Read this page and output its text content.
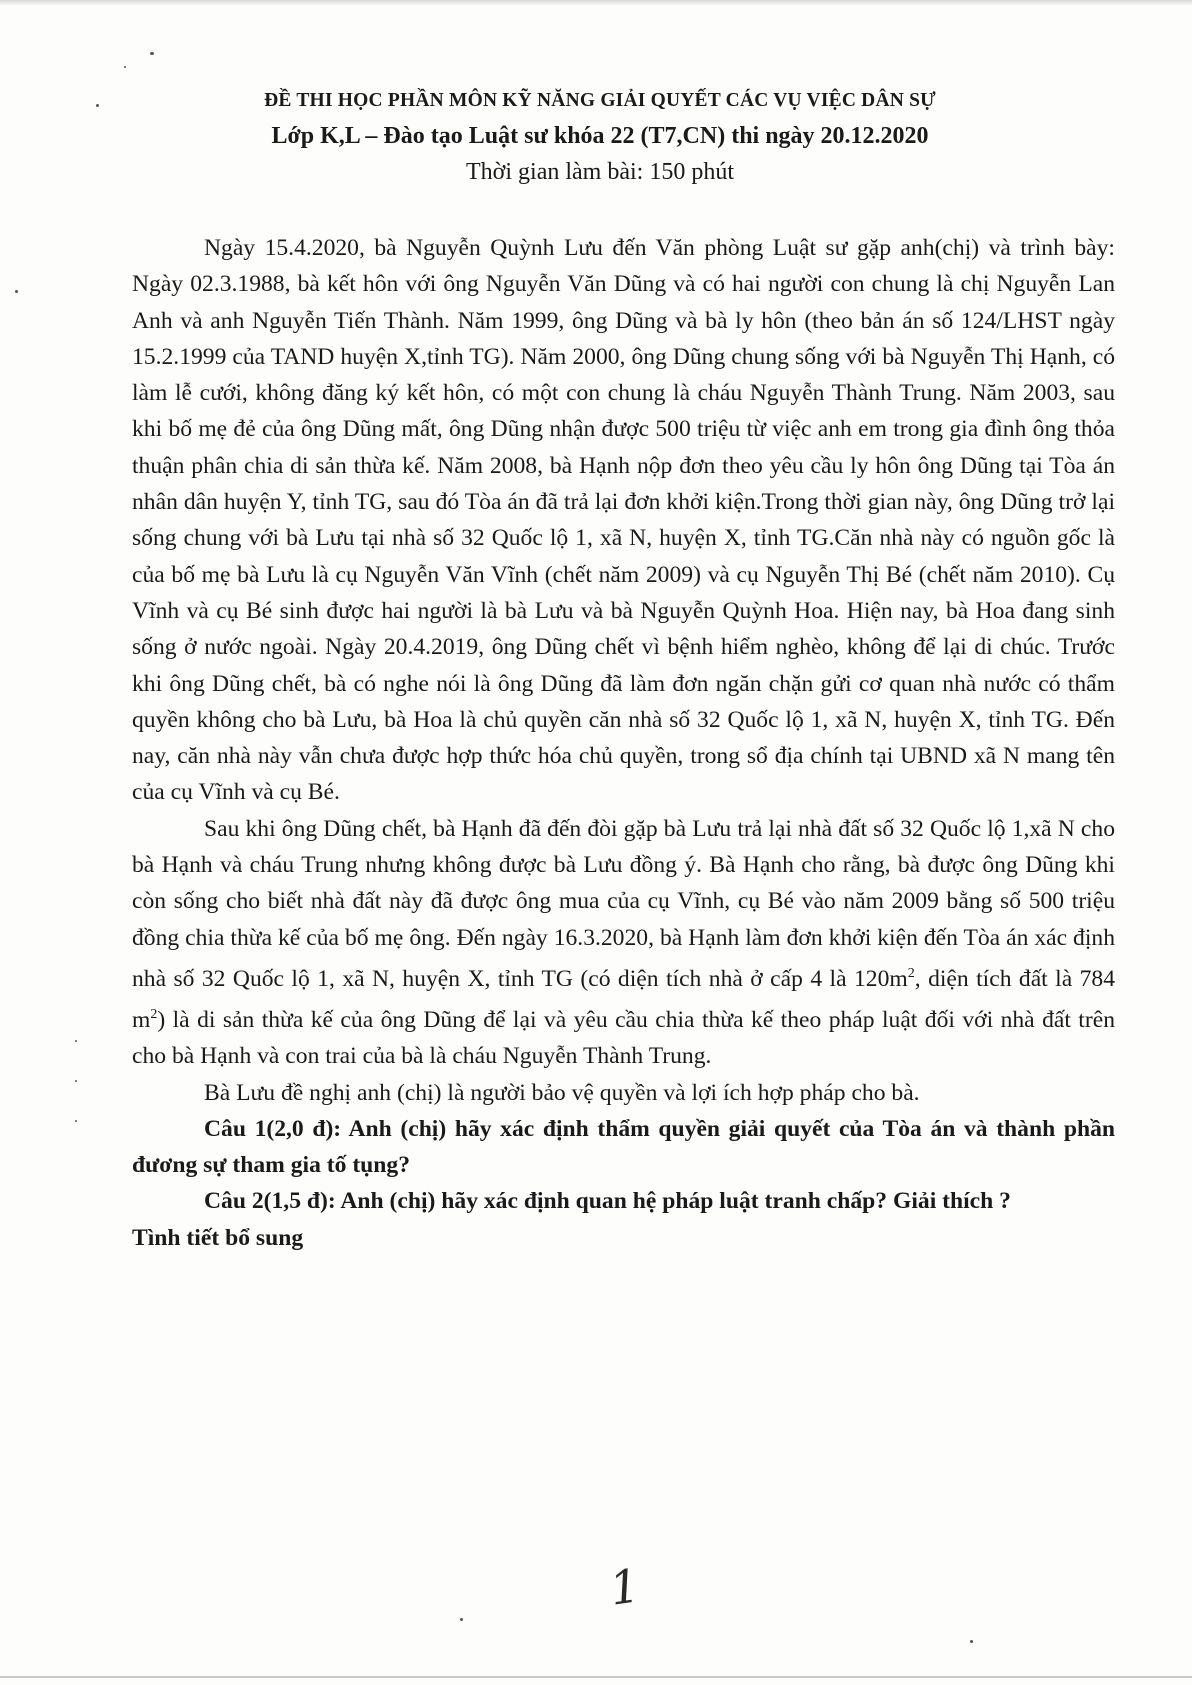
ĐỀ THI HỌC PHẦN MÔN KỸ NĂNG GIẢI QUYẾT CÁC VỤ VIỆC DÂN SỰ
Lớp K,L – Đào tạo Luật sư khóa 22 (T7,CN) thi ngày 20.12.2020
Thời gian làm bài: 150 phút

Ngày 15.4.2020, bà Nguyễn Quỳnh Lưu đến Văn phòng Luật sư gặp anh(chị) và trình bày: Ngày 02.3.1988, bà kết hôn với ông Nguyễn Văn Dũng và có hai người con chung là chị Nguyễn Lan Anh và anh Nguyễn Tiến Thành. Năm 1999, ông Dũng và bà ly hôn (theo bản án số 124/LHST ngày 15.2.1999 của TAND huyện X,tỉnh TG). Năm 2000, ông Dũng chung sống với bà Nguyễn Thị Hạnh, có làm lễ cưới, không đăng ký kết hôn, có một con chung là cháu Nguyễn Thành Trung. Năm 2003, sau khi bố mẹ đẻ của ông Dũng mất, ông Dũng nhận được 500 triệu từ việc anh em trong gia đình ông thỏa thuận phân chia di sản thừa kế. Năm 2008, bà Hạnh nộp đơn theo yêu cầu ly hôn ông Dũng tại Tòa án nhân dân huyện Y, tỉnh TG, sau đó Tòa án đã trả lại đơn khởi kiện.Trong thời gian này, ông Dũng trở lại sống chung với bà Lưu tại nhà số 32 Quốc lộ 1, xã N, huyện X, tỉnh TG.Căn nhà này có nguồn gốc là của bố mẹ bà Lưu là cụ Nguyễn Văn Vĩnh (chết năm 2009) và cụ Nguyễn Thị Bé (chết năm 2010). Cụ Vĩnh và cụ Bé sinh được hai người là bà Lưu và bà Nguyễn Quỳnh Hoa. Hiện nay, bà Hoa đang sinh sống ở nước ngoài. Ngày 20.4.2019, ông Dũng chết vì bệnh hiểm nghèo, không để lại di chúc. Trước khi ông Dũng chết, bà có nghe nói là ông Dũng đã làm đơn ngăn chặn gửi cơ quan nhà nước có thẩm quyền không cho bà Lưu, bà Hoa là chủ quyền căn nhà số 32 Quốc lộ 1, xã N, huyện X, tỉnh TG. Đến nay, căn nhà này vẫn chưa được hợp thức hóa chủ quyền, trong sổ địa chính tại UBND xã N mang tên của cụ Vĩnh và cụ Bé.

Sau khi ông Dũng chết, bà Hạnh đã đến đòi gặp bà Lưu trả lại nhà đất số 32 Quốc lộ 1,xã N cho bà Hạnh và cháu Trung nhưng không được bà Lưu đồng ý. Bà Hạnh cho rằng, bà được ông Dũng khi còn sống cho biết nhà đất này đã được ông mua của cụ Vĩnh, cụ Bé vào năm 2009 bằng số 500 triệu đồng chia thừa kế của bố mẹ ông. Đến ngày 16.3.2020, bà Hạnh làm đơn khởi kiện đến Tòa án xác định nhà số 32 Quốc lộ 1, xã N, huyện X, tỉnh TG (có diện tích nhà ở cấp 4 là $120m^2$, diện tích đất là 784 $m^2$) là di sản thừa kế của ông Dũng để lại và yêu cầu chia thừa kế theo pháp luật đối với nhà đất trên cho bà Hạnh và con trai của bà là cháu Nguyễn Thành Trung.

Bà Lưu đề nghị anh (chị) là người bảo vệ quyền và lợi ích hợp pháp cho bà.

Câu 1(2,0 đ): Anh (chị) hãy xác định thẩm quyền giải quyết của Tòa án và thành phần đương sự tham gia tố tụng?

Câu 2(1,5 đ): Anh (chị) hãy xác định quan hệ pháp luật tranh chấp? Giải thích ?

Tình tiết bổ sung

1
